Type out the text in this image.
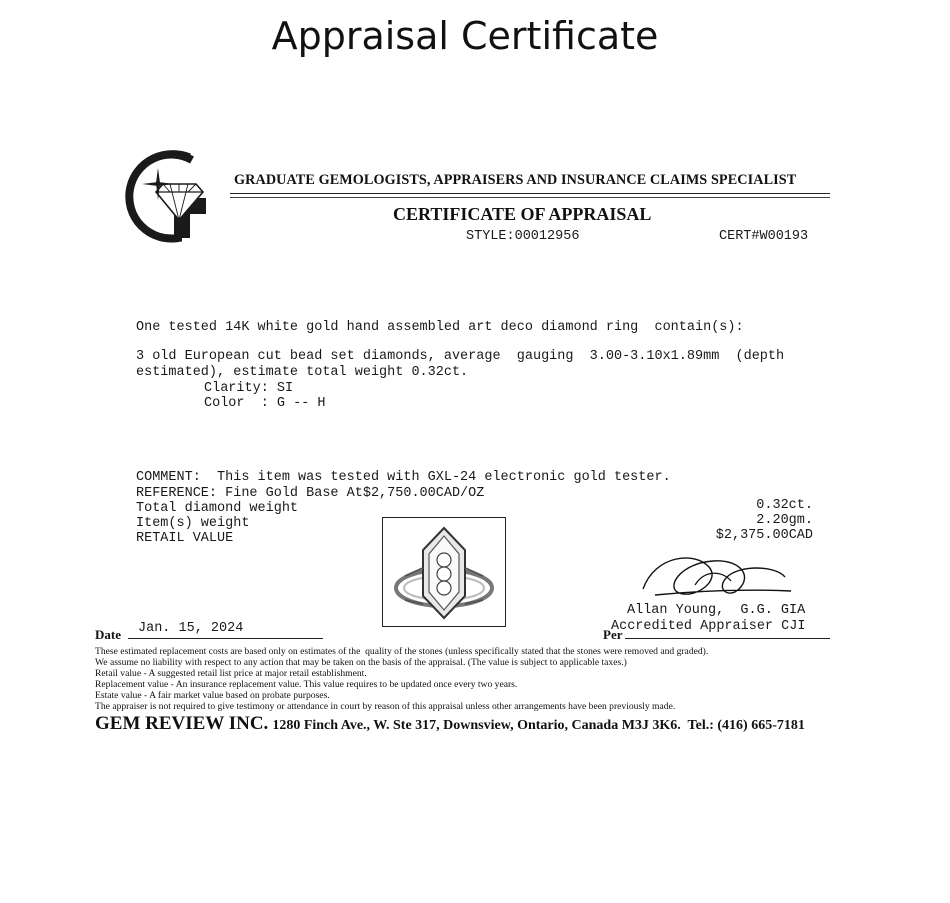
Appraisal Certificate
GRADUATE GEMOLOGISTS, APPRAISERS AND INSURANCE CLAIMS SPECIALIST
CERTIFICATE OF APPRAISAL
STYLE:00012956	CERT#W00193
One tested 14K white gold hand assembled art deco diamond ring  contain(s):
3 old European cut bead set diamonds, average  gauging  3.00-3.10x1.89mm  (depth
estimated), estimate total weight 0.32ct.
Clarity: SI
Color  : G -- H
COMMENT:  This item was tested with GXL-24 electronic gold tester.
REFERENCE: Fine Gold Base At$2,750.00CAD/OZ
Total diamond weight	0.32ct.
Item(s) weight	2.20gm.
RETAIL VALUE	$2,375.00CAD
Allan Young,  G.G. GIA
Accredited Appraiser CJI
Date Jan. 15, 2024	Per
These estimated replacement costs are based only on estimates of the  quality of the stones (unless specifically stated that the stones were removed and graded).
We assume no liability with respect to any action that may be taken on the basis of the appraisal. (The value is subject to applicable taxes.)
Retail value - A suggested retail list price at major retail establishment.
Replacement value - An insurance replacement value. This value requires to be updated once every two years.
Estate value - A fair market value based on probate purposes.
The appraiser is not required to give testimony or attendance in court by reason of this appraisal unless other arrangements have been previously made.
GEM REVIEW INC. 1280 Finch Ave., W. Ste 317, Downsview, Ontario, Canada M3J 3K6.  Tel.: (416) 665-7181
